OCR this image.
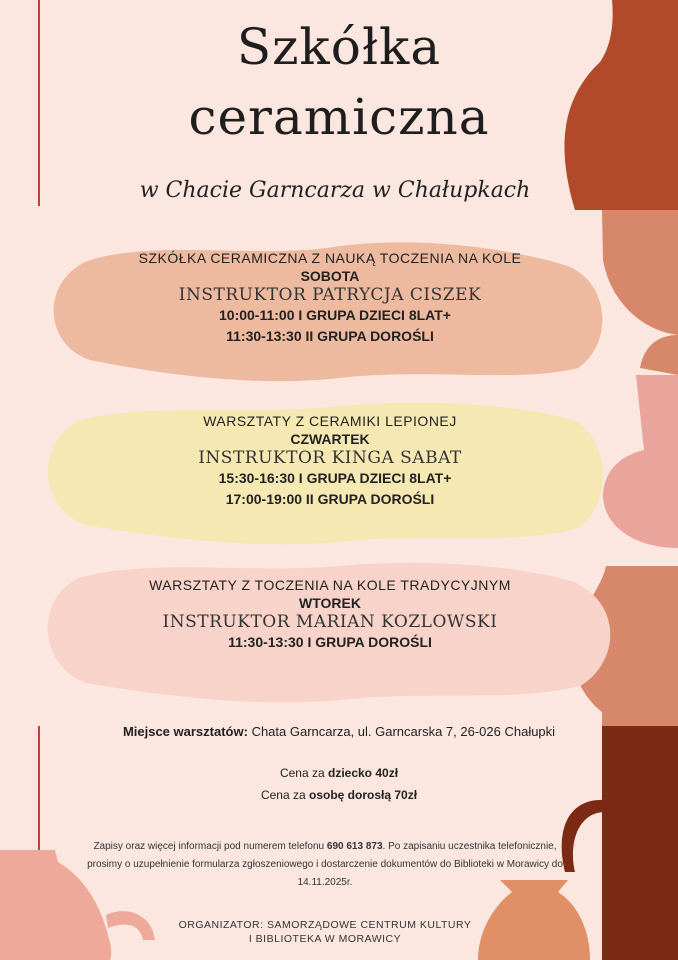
Szkółka
ceramiczna
w Chacie Garncarza w Chałupkach
SZKÓŁKA CERAMICZNA Z NAUKĄ TOCZENIA NA KOLE
SOBOTA
INSTRUKTOR PATRYCJA CISZEK
10:00-11:00 I GRUPA DZIECI 8LAT+
11:30-13:30 II GRUPA DOROŚLI
WARSZTATY Z CERAMIKI LEPIONEJ
CZWARTEK
INSTRUKTOR KINGA SABAT
15:30-16:30 I GRUPA DZIECI 8LAT+
17:00-19:00 II GRUPA DOROŚLI
WARSZTATY Z TOCZENIA NA KOLE TRADYCYJNYM
WTOREK
INSTRUKTOR MARIAN KOZLOWSKI
11:30-13:30 I GRUPA DOROŚLI
Miejsce warsztatów: Chata Garncarza, ul. Garncarska 7, 26-026 Chałupki
Cena za dziecko 40zł
Cena za osobę dorosłą 70zł
Zapisy oraz więcej informacji pod numerem telefonu 690 613 873. Po zapisaniu uczestnika telefonicznie, prosimy o uzupełnienie formularza zgłoszeniowego i dostarczenie dokumentów do Biblioteki w Morawicy do 14.11.2025r.
ORGANIZATOR: SAMORZĄDOWE CENTRUM KULTURY
I BIBLIOTEKA W MORAWICY
